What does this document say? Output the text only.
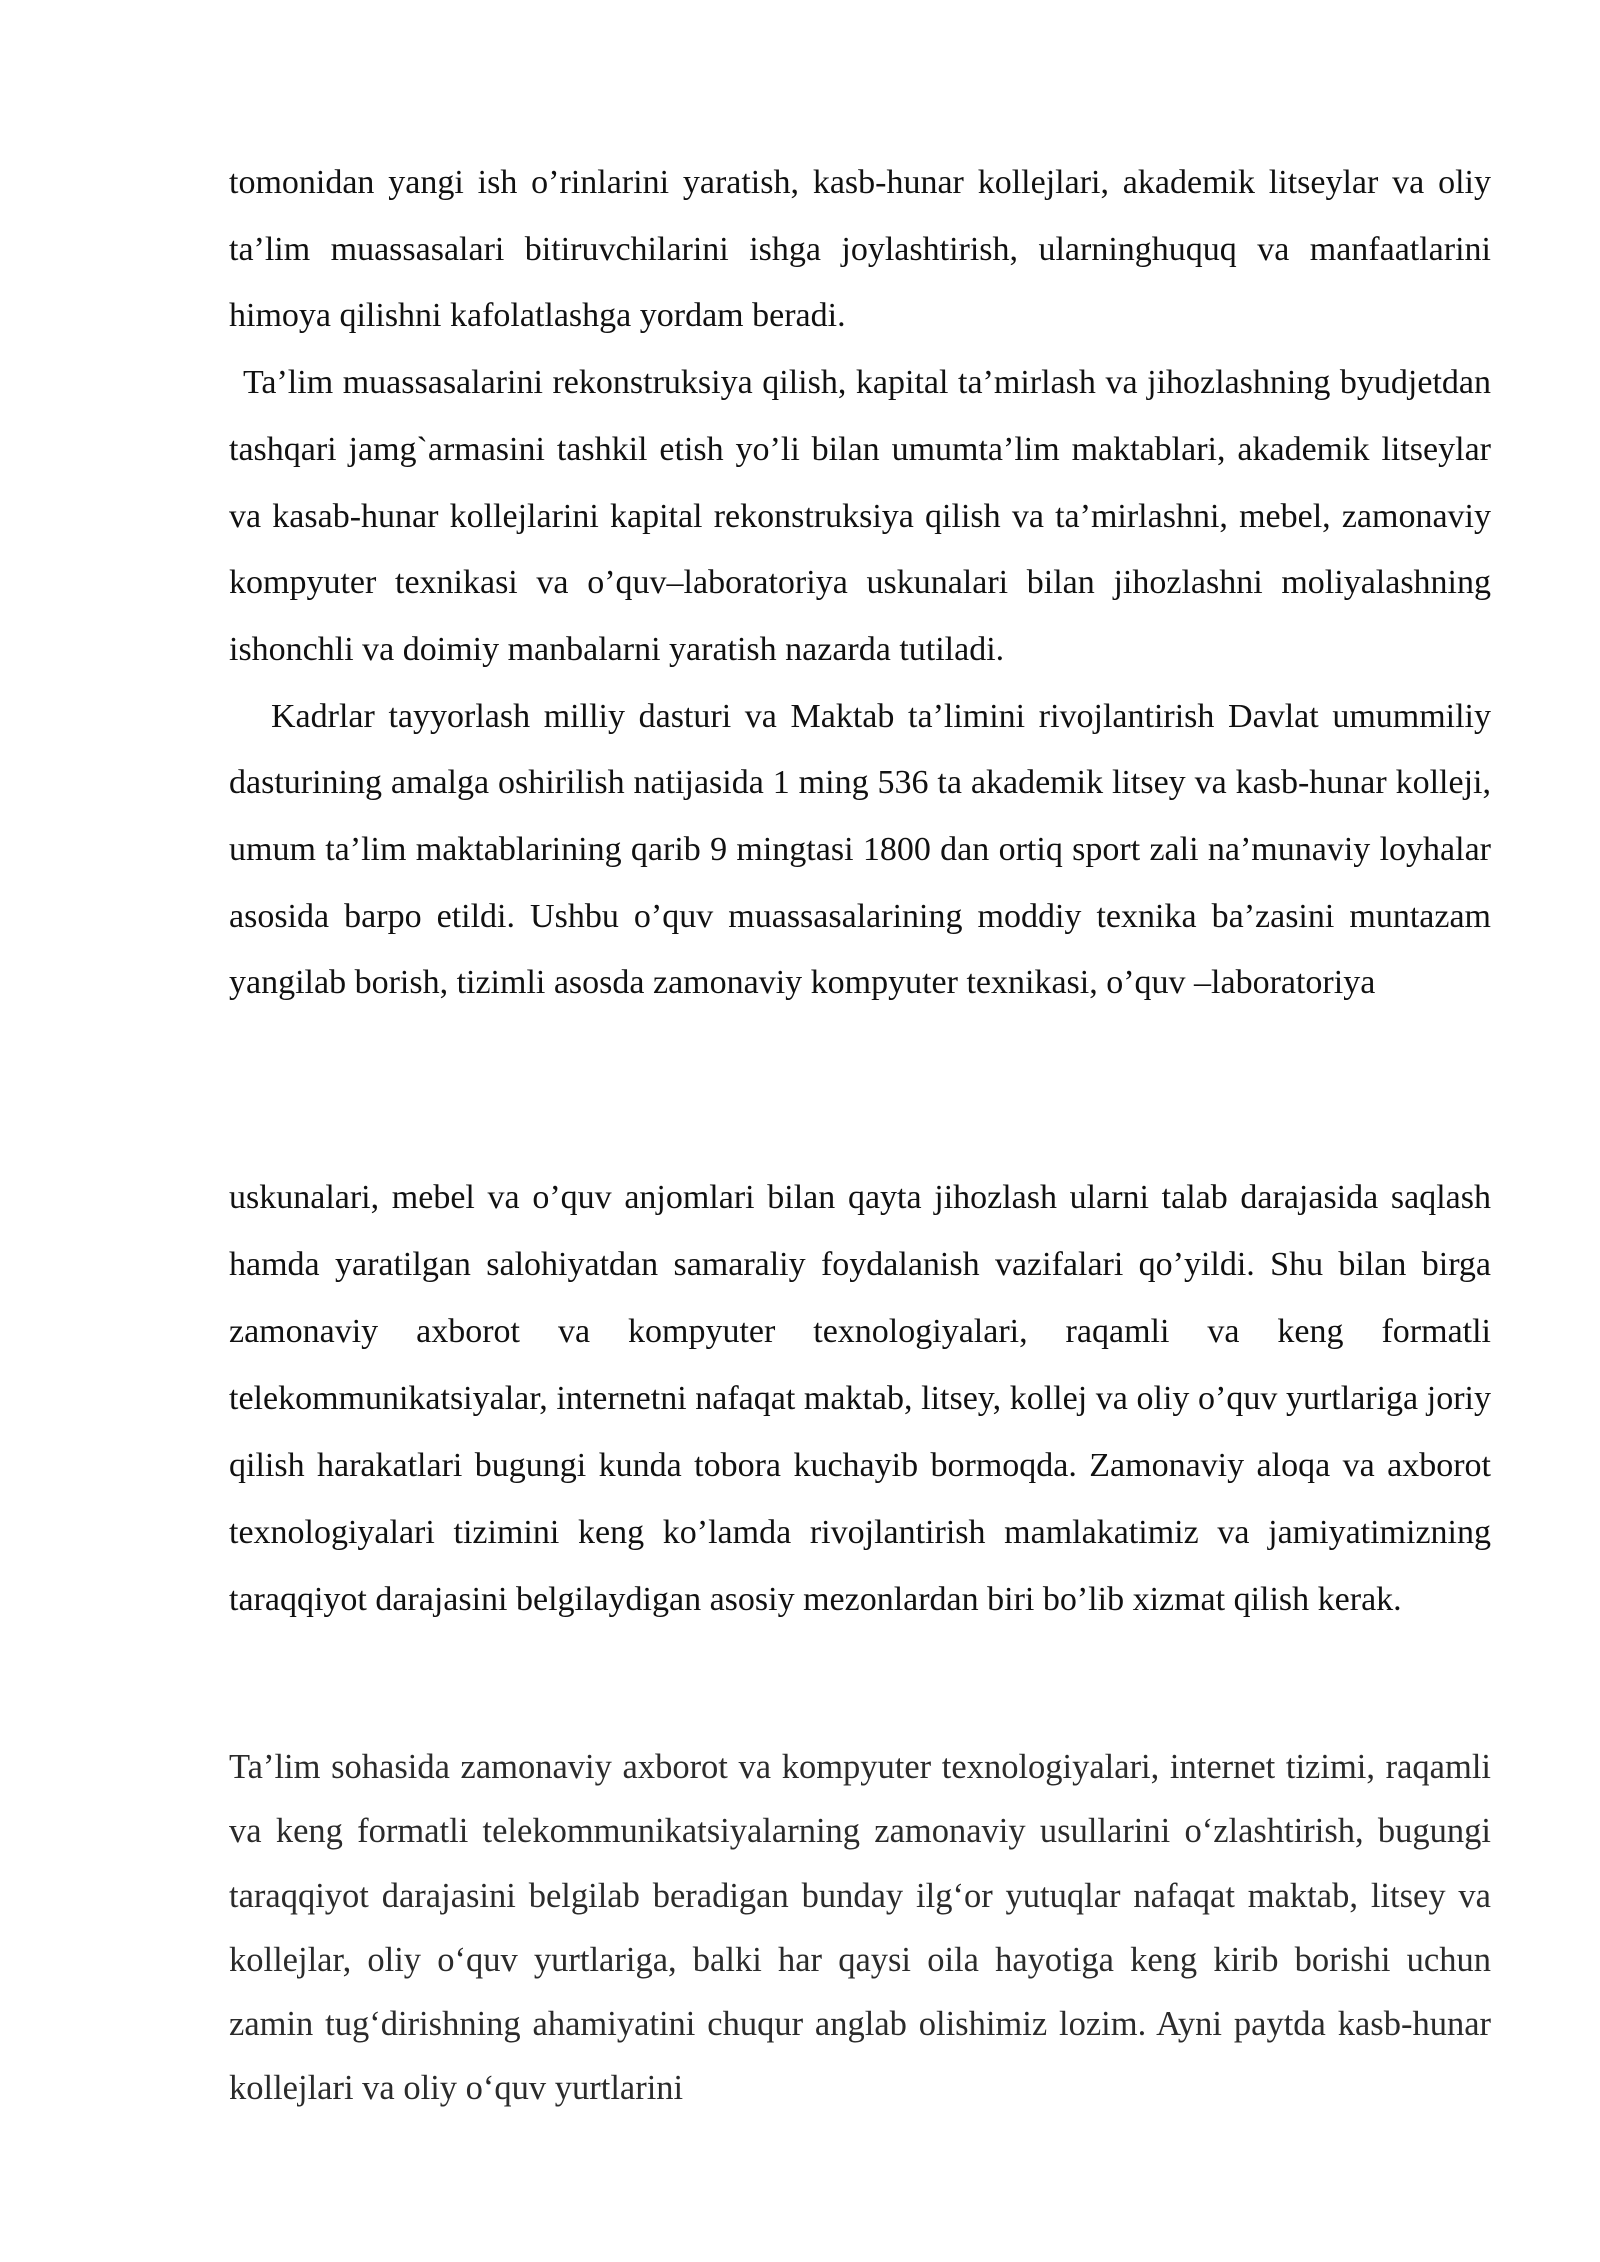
tomonidan yangi ish o’rinlarini yaratish, kasb-hunar kollejlari, akademik litseylar va oliy ta’lim muassasalari bitiruvchilarini ishga joylashtirish, ularninghuquq va manfaatlarini himoya qilishni kafolatlashga yordam beradi.

Ta’lim muassasalarini rekonstruksiya qilish, kapital ta’mirlash va jihozlashning byudjetdan tashqari jamg`armasini tashkil etish yo’li bilan umumta’lim maktablari, akademik litseylar va kasab-hunar kollejlarini kapital rekonstruksiya qilish va ta’mirlashni, mebel, zamonaviy kompyuter texnikasi va o’quv–laboratoriya uskunalari bilan jihozlashni moliyalashning ishonchli va doimiy manbalarni yaratish nazarda tutiladi.

Kadrlar tayyorlash milliy dasturi va Maktab ta’limini rivojlantirish Davlat umummiliy dasturining amalga oshirilish natijasida 1 ming 536 ta akademik litsey va kasb-hunar kolleji, umum ta’lim maktablarining qarib 9 mingtasi 1800 dan ortiq sport zali na’munaviy loyhalar asosida barpo etildi. Ushbu o’quv muassasalarining moddiy texnika ba’zasini muntazam yangilab borish, tizimli asosda zamonaviy kompyuter texnikasi, o’quv –laboratoriya

uskunalari, mebel va o’quv anjomlari bilan qayta jihozlash ularni talab darajasida saqlash hamda yaratilgan salohiyatdan samaraliy foydalanish vazifalari qo’yildi. Shu bilan birga zamonaviy axborot va kompyuter texnologiyalari, raqamli va keng formatli telekommunikatsiyalar, internetni nafaqat maktab, litsey, kollej va oliy o’quv yurtlariga joriy qilish harakatlari bugungi kunda tobora kuchayib bormoqda. Zamonaviy aloqa va axborot texnologiyalari tizimini keng ko’lamda rivojlantirish mamlakatimiz va jamiyatimizning taraqqiyot darajasini belgilaydigan asosiy mezonlardan biri bo’lib xizmat qilish kerak.

Ta’lim sohasida zamonaviy axborot va kompyuter texnologiyalari, internet tizimi, raqamli va keng formatli telekommunikatsiyalarning zamonaviy usullarini o‘zlashtirish, bugungi taraqqiyot darajasini belgilab beradigan bunday ilg‘or yutuqlar nafaqat maktab, litsey va kollejlar, oliy o‘quv yurtlariga, balki har qaysi oila hayotiga keng kirib borishi uchun zamin tug‘dirishning ahamiyatini chuqur anglab olishimiz lozim. Ayni paytda kasb-hunar kollejlari va oliy o‘quv yurtlarini
